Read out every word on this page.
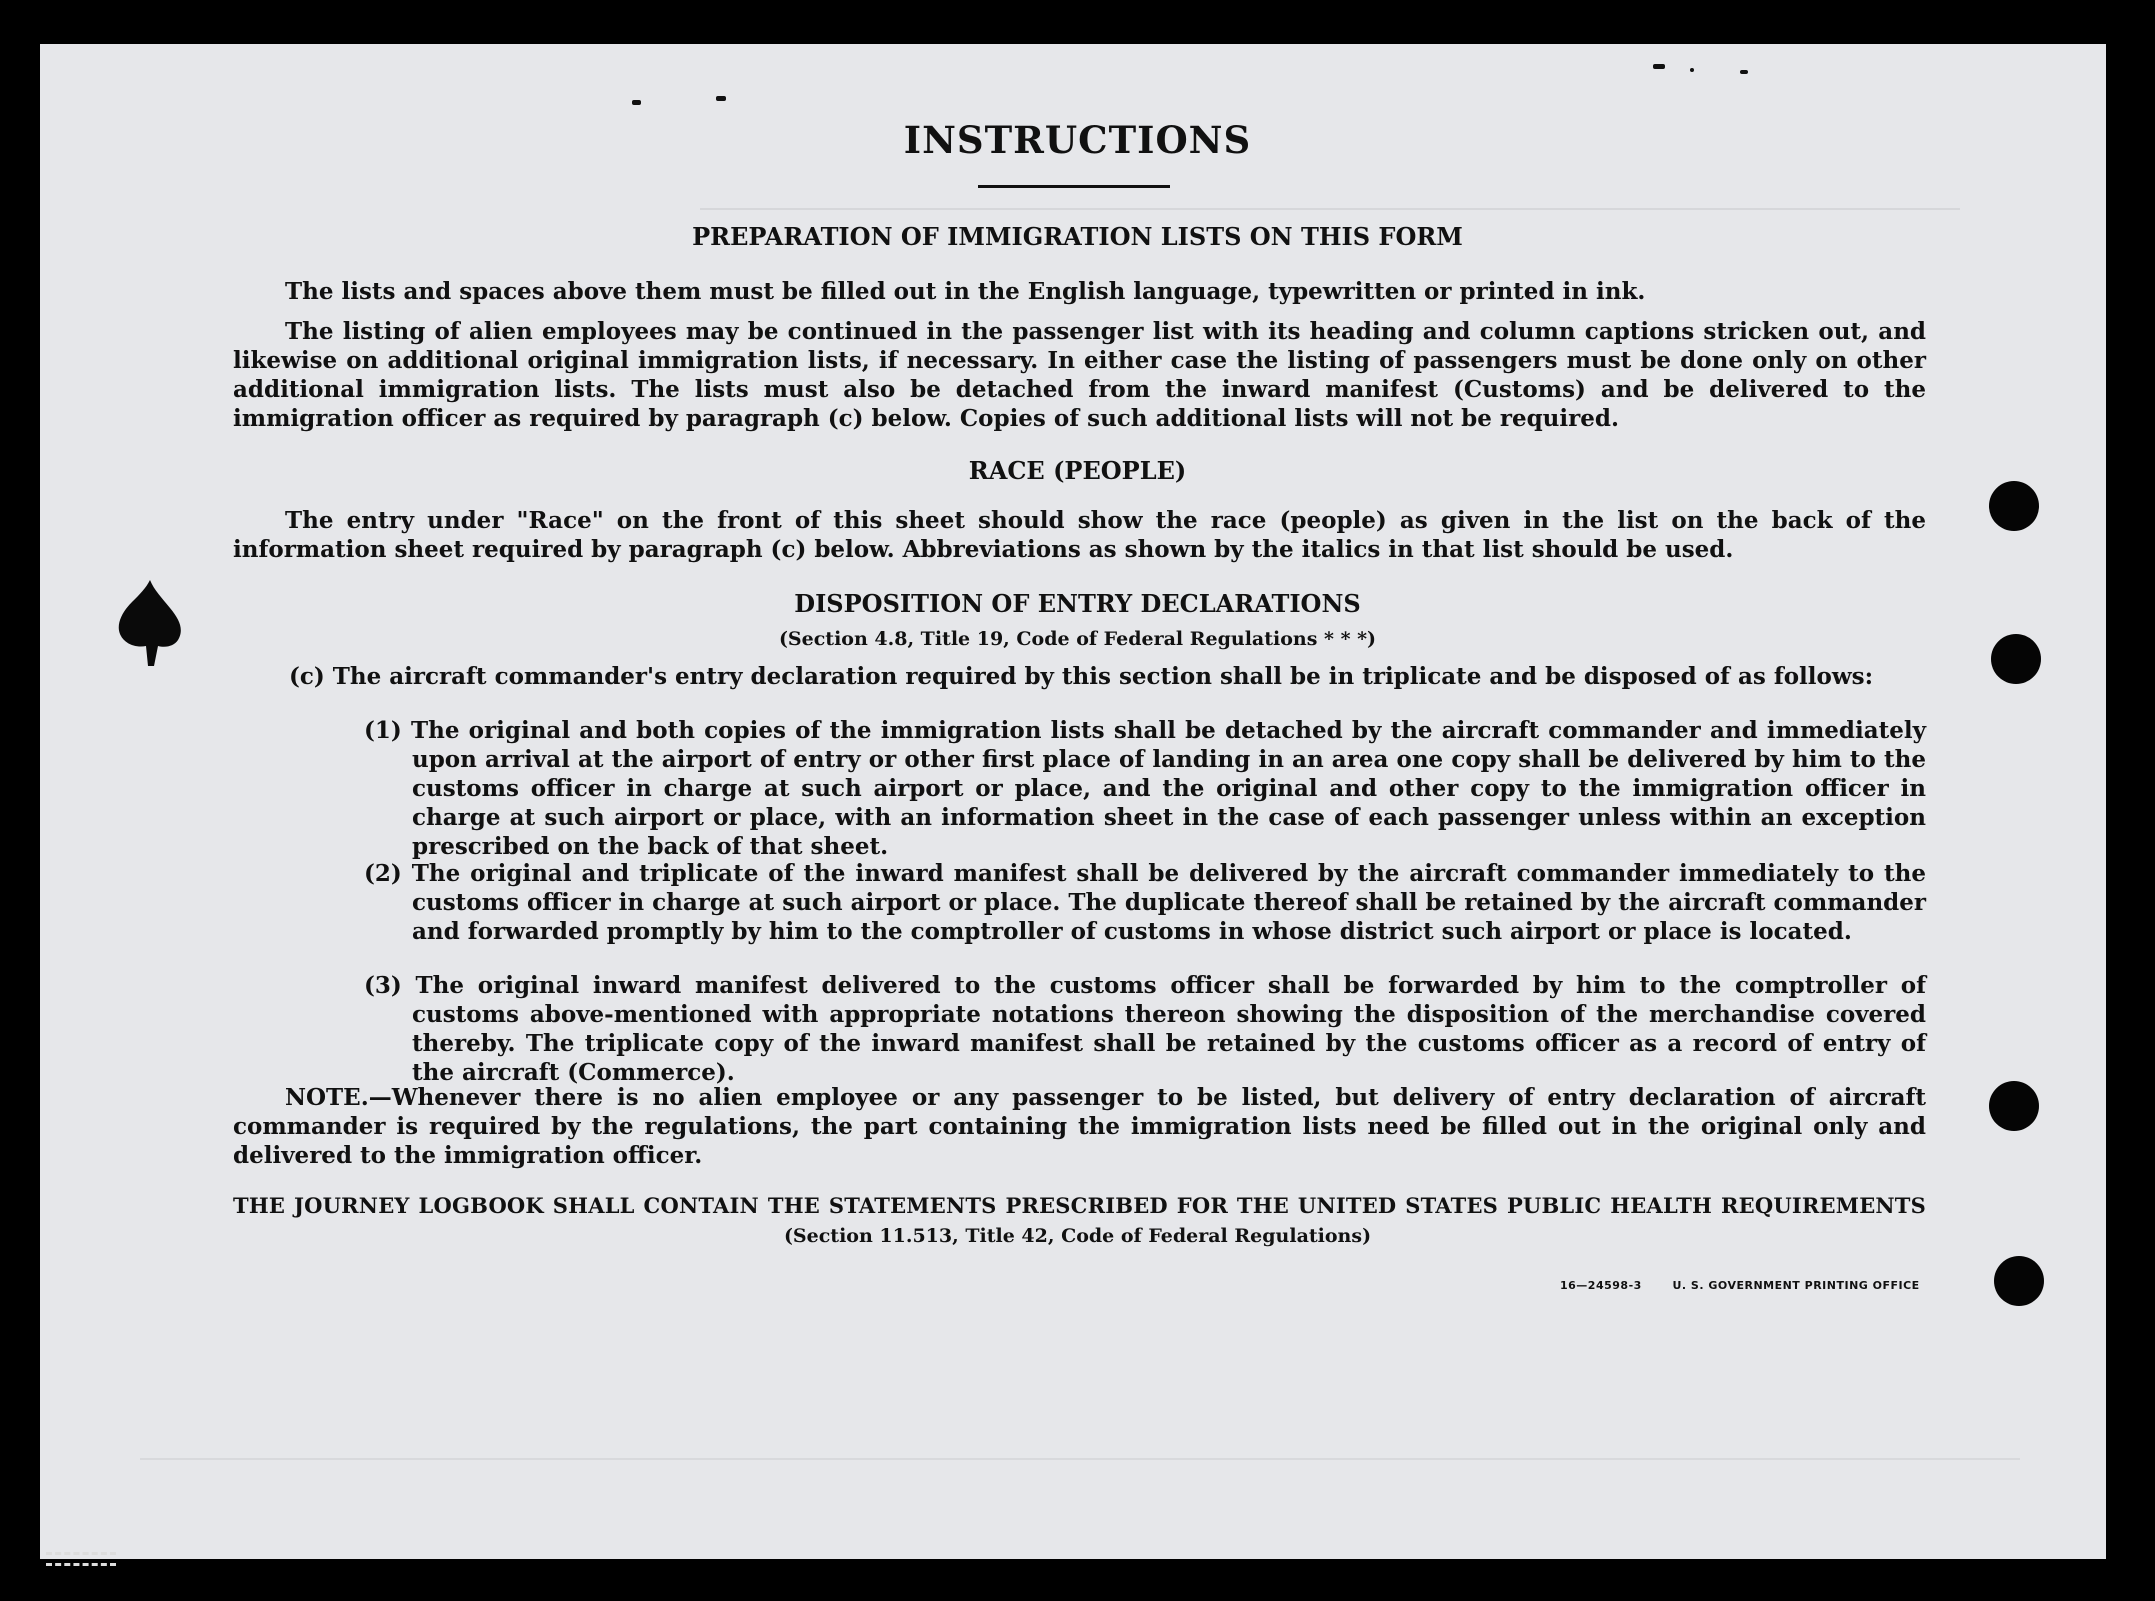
INSTRUCTIONS
PREPARATION OF IMMIGRATION LISTS ON THIS FORM

The lists and spaces above them must be filled out in the English language, typewritten or printed in ink.

The listing of alien employees may be continued in the passenger list with its heading and column captions stricken out, and likewise on additional original immigration lists, if necessary. In either case the listing of passengers must be done only on other additional immigration lists. The lists must also be detached from the inward manifest (Customs) and be delivered to the immigration officer as required by paragraph (c) below. Copies of such additional lists will not be required.

RACE (PEOPLE)

The entry under "Race" on the front of this sheet should show the race (people) as given in the list on the back of the information sheet required by paragraph (c) below. Abbreviations as shown by the italics in that list should be used.

DISPOSITION OF ENTRY DECLARATIONS

(Section 4.8, Title 19, Code of Federal Regulations * * *)

(c) The aircraft commander's entry declaration required by this section shall be in triplicate and be disposed of as follows:

(1) The original and both copies of the immigration lists shall be detached by the aircraft commander and immediately upon arrival at the airport of entry or other first place of landing in an area one copy shall be delivered by him to the customs officer in charge at such airport or place, and the original and other copy to the immigration officer in charge at such airport or place, with an information sheet in the case of each passenger unless within an exception prescribed on the back of that sheet.
(2) The original and triplicate of the inward manifest shall be delivered by the aircraft commander immediately to the customs officer in charge at such airport or place. The duplicate thereof shall be retained by the aircraft commander and forwarded promptly by him to the comptroller of customs in whose district such airport or place is located.
(3) The original inward manifest delivered to the customs officer shall be forwarded by him to the comptroller of customs above-mentioned with appropriate notations thereon showing the disposition of the merchandise covered thereby. The triplicate copy of the inward manifest shall be retained by the customs officer as a record of entry of the aircraft (Commerce).

NOTE.—Whenever there is no alien employee or any passenger to be listed, but delivery of entry declaration of aircraft commander is required by the regulations, the part containing the immigration lists need be filled out in the original only and delivered to the immigration officer.

THE JOURNEY LOGBOOK SHALL CONTAIN THE STATEMENTS PRESCRIBED FOR THE UNITED STATES PUBLIC HEALTH REQUIREMENTS

(Section 11.513, Title 42, Code of Federal Regulations)

16—24598-3	U. S. GOVERNMENT PRINTING OFFICE
